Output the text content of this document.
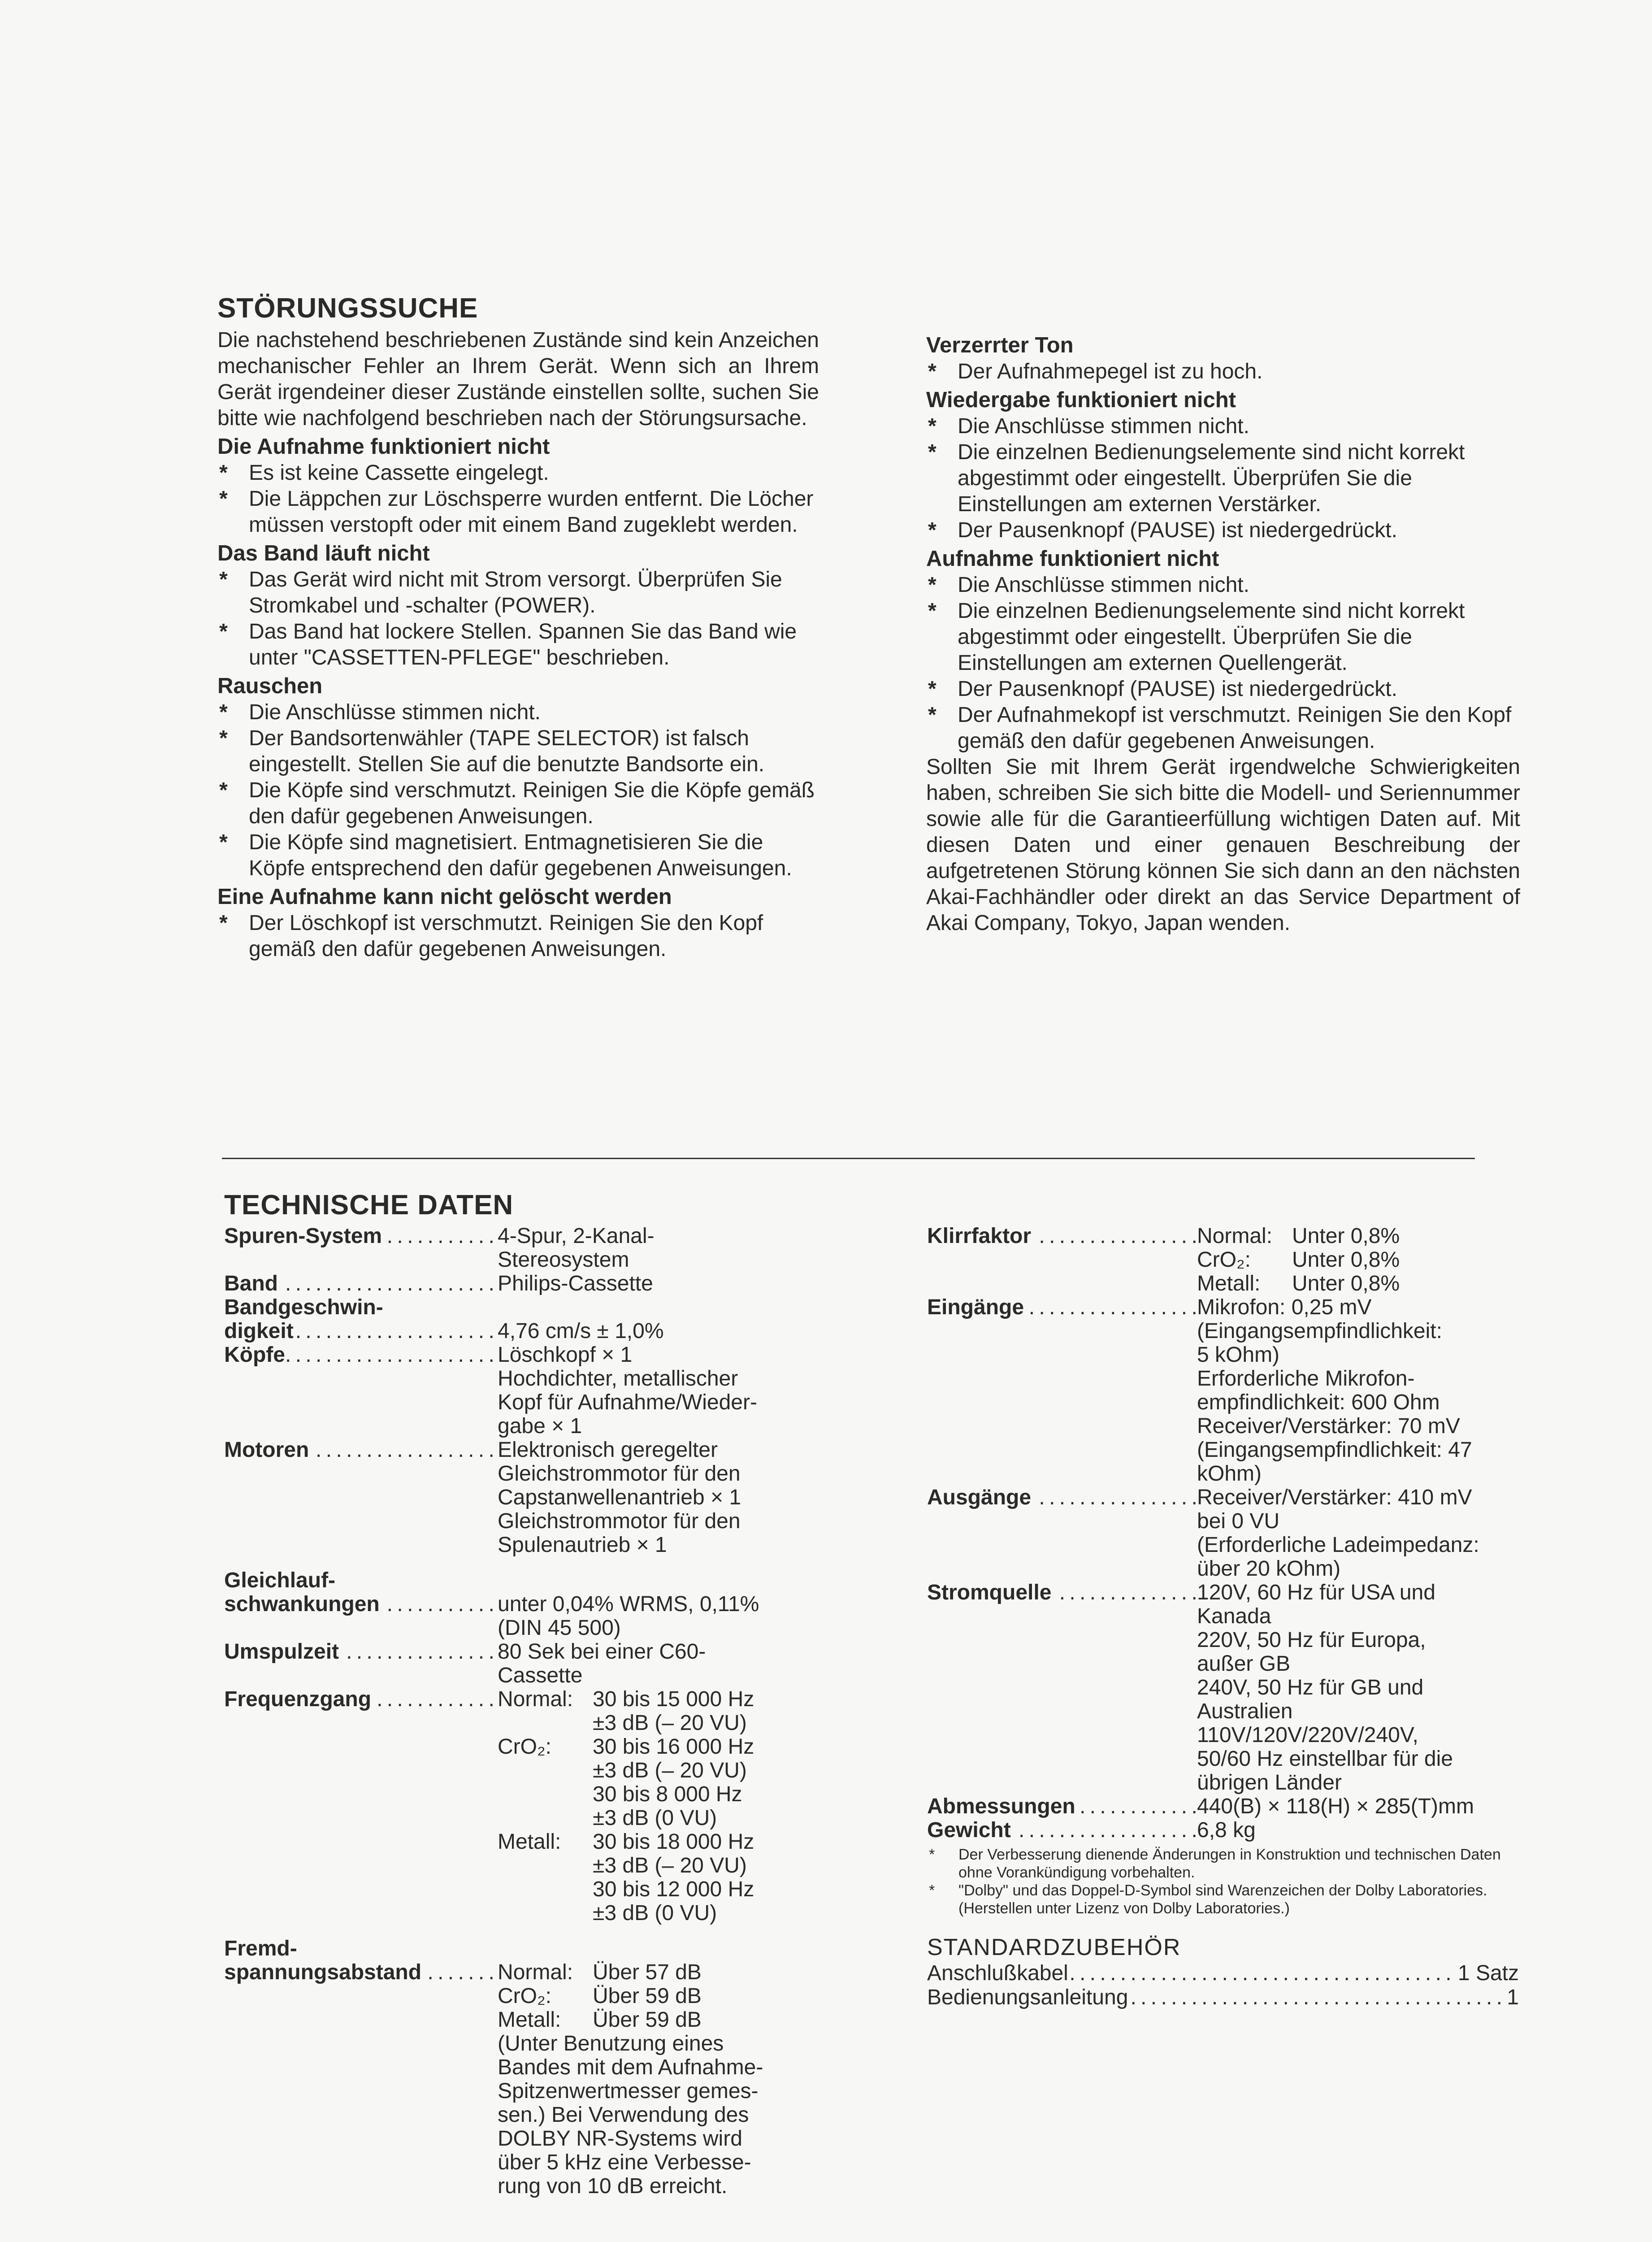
STÖRUNGSSUCHE

Die nachstehend beschriebenen Zustände sind kein Anzeichen mechanischer Fehler an Ihrem Gerät. Wenn sich an Ihrem Gerät irgendeiner dieser Zustände einstellen sollte, suchen Sie bitte wie nachfolgend beschrieben nach der Störungsursache.

Die Aufnahme funktioniert nicht
* Es ist keine Cassette eingelegt.
* Die Läppchen zur Löschsperre wurden entfernt. Die Löcher müssen verstopft oder mit einem Band zugeklebt werden.
Das Band läuft nicht
* Das Gerät wird nicht mit Strom versorgt. Überprüfen Sie Stromkabel und -schalter (POWER).
* Das Band hat lockere Stellen. Spannen Sie das Band wie unter "CASSETTEN-PFLEGE" beschrieben.
Rauschen
* Die Anschlüsse stimmen nicht.
* Der Bandsortenwähler (TAPE SELECTOR) ist falsch eingestellt. Stellen Sie auf die benutzte Bandsorte ein.
* Die Köpfe sind verschmutzt. Reinigen Sie die Köpfe gemäß den dafür gegebenen Anweisungen.
* Die Köpfe sind magnetisiert. Entmagnetisieren Sie die Köpfe entsprechend den dafür gegebenen Anweisungen.
Eine Aufnahme kann nicht gelöscht werden
* Der Löschkopf ist verschmutzt. Reinigen Sie den Kopf gemäß den dafür gegebenen Anweisungen.
Verzerrter Ton
* Der Aufnahmepegel ist zu hoch.
Wiedergabe funktioniert nicht
* Die Anschlüsse stimmen nicht.
* Die einzelnen Bedienungselemente sind nicht korrekt abgestimmt oder eingestellt. Überprüfen Sie die Einstellungen am externen Verstärker.
* Der Pausenknopf (PAUSE) ist niedergedrückt.
Aufnahme funktioniert nicht
* Die Anschlüsse stimmen nicht.
* Die einzelnen Bedienungselemente sind nicht korrekt abgestimmt oder eingestellt. Überprüfen Sie die Einstellungen am externen Quellengerät.
* Der Pausenknopf (PAUSE) ist niedergedrückt.
* Der Aufnahmekopf ist verschmutzt. Reinigen Sie den Kopf gemäß den dafür gegebenen Anweisungen.

Sollten Sie mit Ihrem Gerät irgendwelche Schwierigkeiten haben, schreiben Sie sich bitte die Modell- und Seriennummer sowie alle für die Garantieerfüllung wichtigen Daten auf. Mit diesen Daten und einer genauen Beschreibung der aufgetretenen Störung können Sie sich dann an den nächsten Akai-Fachhändler oder direkt an das Service Department of Akai Company, Tokyo, Japan wenden.

TECHNISCHE DATEN
Spuren-System . . .	4-Spur, 2-Kanal-
Stereosystem
Band . . .	Philips-Cassette
Bandgeschwin-
digkeit . . .	4,76 cm/s ± 1,0%
Köpfe . . .	Löschkopf × 1
Hochdichter, metallischer
Kopf für Aufnahme/Wieder-
gabe × 1
Motoren . . .	Elektronisch geregelter
Gleichstrommotor für den
Capstanwellenantrieb × 1
Gleichstrommotor für den
Spulenautrieb × 1
Gleichlauf-
schwankungen . . .	unter 0,04% WRMS, 0,11%
(DIN 45 500)
Umspulzeit . . .	80 Sek bei einer C60-
Cassette
Frequenzgang . . .	Normal: 30 bis 15 000 Hz
±3 dB (– 20 VU)
CrO₂:	30 bis 16 000 Hz
±3 dB (– 20 VU)
30 bis 8 000 Hz
±3 dB (0 VU)
Metall:	30 bis 18 000 Hz
±3 dB (– 20 VU)
30 bis 12 000 Hz
±3 dB (0 VU)
Fremd-
spannungsabstand . . .	Normal: Über 57 dB
CrO₂:	Über 59 dB
Metall:	Über 59 dB
(Unter Benutzung eines
Bandes mit dem Aufnahme-
Spitzenwertmesser gemes-
sen.) Bei Verwendung des
DOLBY NR-Systems wird
über 5 kHz eine Verbesse-
rung von 10 dB erreicht.
Klirrfaktor . . .	Normal: Unter 0,8%
CrO₂:	Unter 0,8%
Metall:	Unter 0,8%
Eingänge . . .	Mikrofon: 0,25 mV
(Eingangsempfindlichkeit:
5 kOhm)
Erforderliche Mikrofon-
empfindlichkeit: 600 Ohm
Receiver/Verstärker: 70 mV
(Eingangsempfindlichkeit: 47
kOhm)
Ausgänge . . .	Receiver/Verstärker: 410 mV
bei 0 VU
(Erforderliche Ladeimpedanz:
über 20 kOhm)
Stromquelle . . .	120V, 60 Hz für USA und
Kanada
220V, 50 Hz für Europa,
außer GB
240V, 50 Hz für GB und
Australien
110V/120V/220V/240V,
50/60 Hz einstellbar für die
übrigen Länder
Abmessungen . . .	440(B) × 118(H) × 285(T)mm
Gewicht . . .	6,8 kg
* Der Verbesserung dienende Änderungen in Konstruktion und technischen Daten ohne Vorankündigung vorbehalten.
* "Dolby" und das Doppel-D-Symbol sind Warenzeichen der Dolby Laboratories.
(Herstellen unter Lizenz von Dolby Laboratories.)
STANDARDZUBEHÖR
Anschlußkabel . . .	1 Satz
Bedienungsanleitung . . .	1
